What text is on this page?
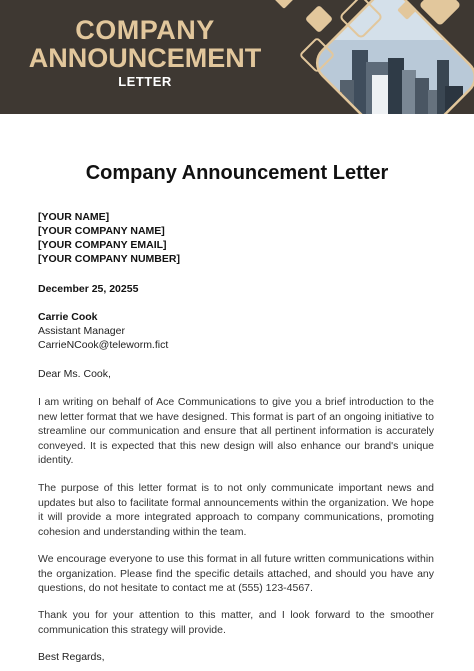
COMPANY
ANNOUNCEMENT
LETTER
Company Announcement Letter
[YOUR NAME]
[YOUR COMPANY NAME]
[YOUR COMPANY EMAIL]
[YOUR COMPANY NUMBER]
December 25, 20255
Carrie Cook
Assistant Manager
CarrieNCook@teleworm.fict
Dear Ms. Cook,

I am writing on behalf of Ace Communications to give you a brief introduction to the new letter format that we have designed. This format is part of an ongoing initiative to streamline our communication and ensure that all pertinent information is accurately conveyed. It is expected that this new design will also enhance our brand's unique identity.

The purpose of this letter format is to not only communicate important news and updates but also to facilitate formal announcements within the organization. We hope it will provide a more integrated approach to company communications, promoting cohesion and understanding within the team.

We encourage everyone to use this format in all future written communications within the organization. Please find the specific details attached, and should you have any questions, do not hesitate to contact me at (555) 123-4567.

Thank you for your attention to this matter, and I look forward to the smoother communication this strategy will provide.

Best Regards,
